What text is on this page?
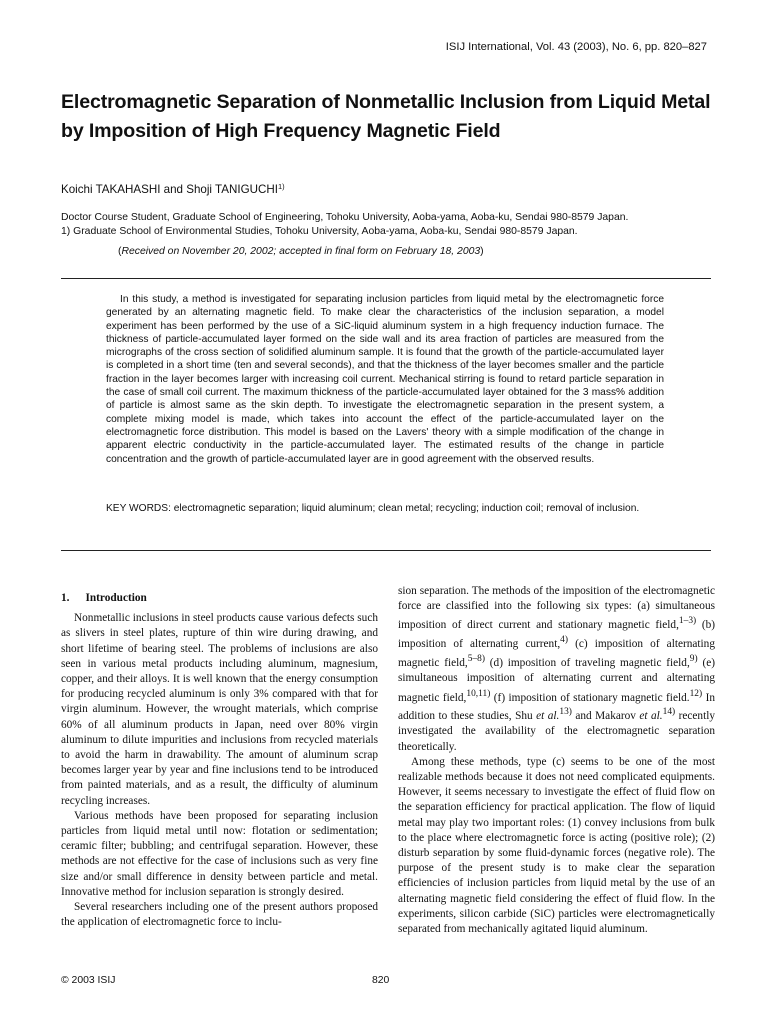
ISIJ International, Vol. 43 (2003), No. 6, pp. 820–827
Electromagnetic Separation of Nonmetallic Inclusion from Liquid Metal by Imposition of High Frequency Magnetic Field
Koichi TAKAHASHI and Shoji TANIGUCHI$^{1)}$
Doctor Course Student, Graduate School of Engineering, Tohoku University, Aoba-yama, Aoba-ku, Sendai 980-8579 Japan.
1) Graduate School of Environmental Studies, Tohoku University, Aoba-yama, Aoba-ku, Sendai 980-8579 Japan.
(Received on November 20, 2002; accepted in final form on February 18, 2003)

In this study, a method is investigated for separating inclusion particles from liquid metal by the electromagnetic force generated by an alternating magnetic field. To make clear the characteristics of the inclusion separation, a model experiment has been performed by the use of a SiC-liquid aluminum system in a high frequency induction furnace. The thickness of particle-accumulated layer formed on the side wall and its area fraction of particles are measured from the micrographs of the cross section of solidified aluminum sample. It is found that the growth of the particle-accumulated layer is completed in a short time (ten and several seconds), and that the thickness of the layer becomes smaller and the particle fraction in the layer becomes larger with increasing coil current. Mechanical stirring is found to retard particle separation in the case of small coil current. The maximum thickness of the particle-accumulated layer obtained for the 3 mass% addition of particle is almost same as the skin depth. To investigate the electromagnetic separation in the present system, a complete mixing model is made, which takes into account the effect of the particle-accumulated layer on the electromagnetic force distribution. This model is based on the Lavers' theory with a simple modification of the change in apparent electric conductivity in the particle-accumulated layer. The estimated results of the change in particle concentration and the growth of particle-accumulated layer are in good agreement with the observed results.

KEY WORDS: electromagnetic separation; liquid aluminum; clean metal; recycling; induction coil; removal of inclusion.

1. Introduction

Nonmetallic inclusions in steel products cause various defects such as slivers in steel plates, rupture of thin wire during drawing, and short lifetime of bearing steel. The problems of inclusions are also seen in various metal products including aluminum, magnesium, copper, and their alloys. It is well known that the energy consumption for producing recycled aluminum is only 3% compared with that for virgin aluminum. However, the wrought materials, which comprise 60% of all aluminum products in Japan, need over 80% virgin aluminum to dilute impurities and inclusions from recycled materials to avoid the harm in drawability. The amount of aluminum scrap becomes larger year by year and fine inclusions tend to be introduced from painted materials, and as a result, the difficulty of aluminum recycling increases.

Various methods have been proposed for separating inclusion particles from liquid metal until now: flotation or sedimentation; ceramic filter; bubbling; and centrifugal separation. However, these methods are not effective for the case of inclusions such as very fine size and/or small difference in density between particle and metal. Innovative method for inclusion separation is strongly desired.

Several researchers including one of the present authors proposed the application of electromagnetic force to inclu-

sion separation. The methods of the imposition of the electromagnetic force are classified into the following six types: (a) simultaneous imposition of direct current and stationary magnetic field,$^{1-3)}$ (b) imposition of alternating current,$^{4)}$ (c) imposition of alternating magnetic field,$^{5-8)}$ (d) imposition of traveling magnetic field,$^{9)}$ (e) simultaneous imposition of alternating current and alternating magnetic field,$^{10,11)}$ (f) imposition of stationary magnetic field.$^{12)}$ In addition to these studies, Shu et al.$^{13)}$ and Makarov et al.$^{14)}$ recently investigated the availability of the electromagnetic separation theoretically.

Among these methods, type (c) seems to be one of the most realizable methods because it does not need complicated equipments. However, it seems necessary to investigate the effect of fluid flow on the separation efficiency for practical application. The flow of liquid metal may play two important roles: (1) convey inclusions from bulk to the place where electromagnetic force is acting (positive role); (2) disturb separation by some fluid-dynamic forces (negative role). The purpose of the present study is to make clear the separation efficiencies of inclusion particles from liquid metal by the use of an alternating magnetic field considering the effect of fluid flow. In the experiments, silicon carbide (SiC) particles were electromagnetically separated from mechanically agitated liquid aluminum.

© 2003 ISIJ	820
